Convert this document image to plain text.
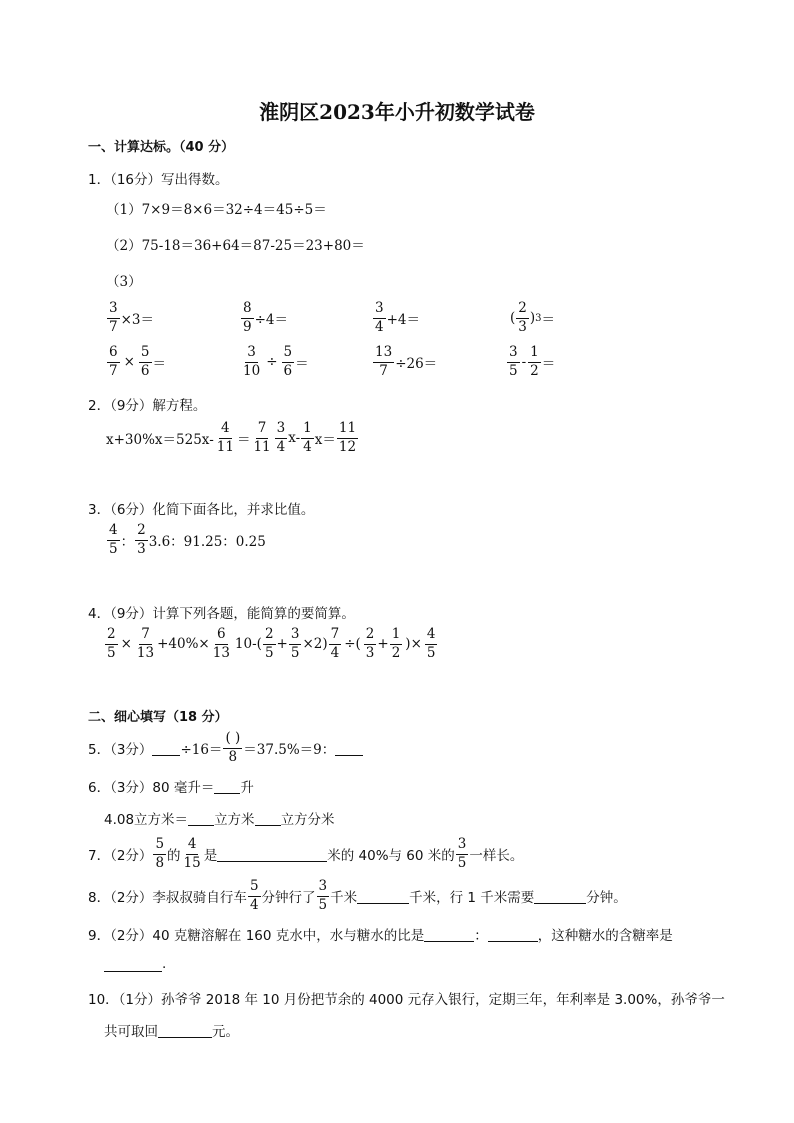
淮阴区2023年小升初数学试卷
一、计算达标。（40 分）
1．（16分）写出得数。
（1）7×9＝8×6＝32÷4＝45÷5＝
（2）75-18＝36+64＝87-25＝23+80＝
（3）
$\frac{3}{7} \times 3=$	$\frac{8}{9} \div 4=$	$\frac{3}{4} +4=$	( $\frac{2}{3}$ ) 3 ＝
$\frac{6}{7} \times \frac{5}{6}$ ＝	$\frac{3}{10} \div \frac{5}{6}$ ＝	$\frac{13}{7} \div 26=$	$\frac{3}{5} - \frac{1}{2}$ ＝
2．（9分）解方程。
$x+30\%x=525x- \frac{4}{11} = \frac{7}{11} \frac{3}{4} x- \frac{1}{4} x= \frac{11}{12}$
3．（6分）化简下面各比，并求比值。
$\frac{4}{5}$ ： $\frac{2}{3} 3.6$：91.25：0.25
4．（9分）计算下列各题，能简算的要简算。
$\frac{2}{5} \times \frac{7}{13} +40\%\times \frac{6}{13} 10-( \frac{2}{5} + \frac{3}{5} \times 2) \frac{7}{4}$ ÷( $\frac{2}{3} + \frac{1}{2}$ )× $\frac{4}{5}$
二、细心填写（18 分）
5．（3分） $\div 16= \frac{( )}{8} =37.5\%=9$：
6．（3分）80 毫升＝ 升
4.08立方米＝ 立方米 立方分米
7．（2分） $\frac{5}{8}$ 的 $\frac{4}{15}$ 是	米的 40%与 60 米的 $\frac{3}{5}$ 一样长。
8．（2分）李叔叔骑自行车 $\frac{5}{4}$ 分钟行了 $\frac{3}{5}$ 千米	千米，行 1 千米需要	分钟。
9．（2分）40 克糖溶解在 160 克水中，水与糖水的比是	：	，这种糖水的含糖率是
.
10．（1分）孙爷爷 2018 年 10 月份把节余的 4000 元存入银行，定期三年，年利率是 3.00%，孙爷爷一
共可取回	元。
